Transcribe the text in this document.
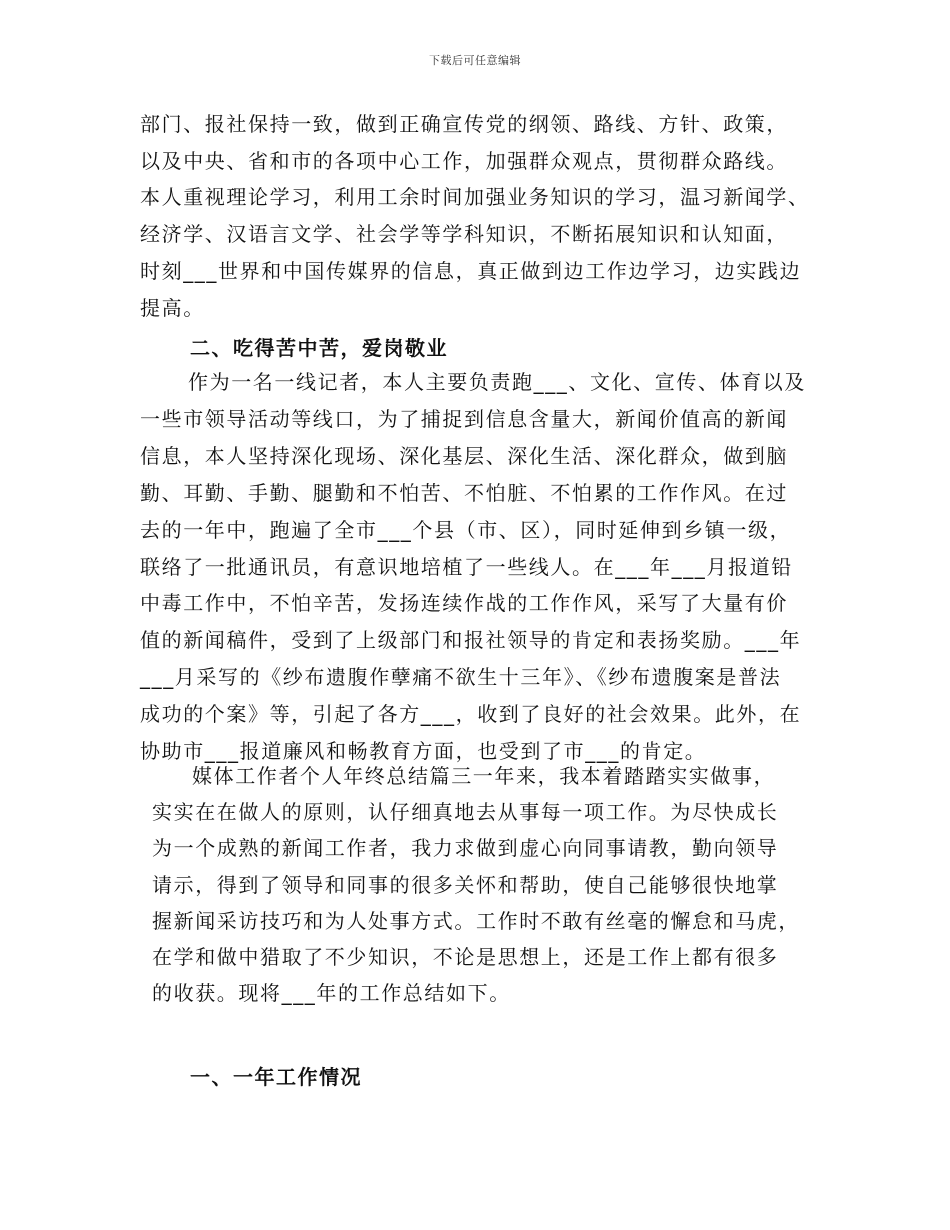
下载后可任意编辑
部门、报社保持一致，做到正确宣传党的纲领、路线、方针、政策，
以及中央、省和市的各项中心工作，加强群众观点，贯彻群众路线。
本人重视理论学习，利用工余时间加强业务知识的学习，温习新闻学、
经济学、汉语言文学、社会学等学科知识，不断拓展知识和认知面，
时刻___世界和中国传媒界的信息，真正做到边工作边学习，边实践边
提高。
二、吃得苦中苦，爱岗敬业
作为一名一线记者，本人主要负责跑___、文化、宣传、体育以及
一些市领导活动等线口，为了捕捉到信息含量大，新闻价值高的新闻
信息，本人坚持深化现场、深化基层、深化生活、深化群众，做到脑
勤、耳勤、手勤、腿勤和不怕苦、不怕脏、不怕累的工作作风。在过
去的一年中，跑遍了全市___个县（市、区），同时延伸到乡镇一级，
联络了一批通讯员，有意识地培植了一些线人。在___年___月报道铅
中毒工作中，不怕辛苦，发扬连续作战的工作作风，采写了大量有价
值的新闻稿件，受到了上级部门和报社领导的肯定和表扬奖励。___年
___月采写的《纱布遗腹作孽痛不欲生十三年》、《纱布遗腹案是普法
成功的个案》等，引起了各方___，收到了良好的社会效果。此外，在
协助市___报道廉风和畅教育方面，也受到了市___的肯定。
媒体工作者个人年终总结篇三一年来，我本着踏踏实实做事，
实实在在做人的原则，认仔细真地去从事每一项工作。为尽快成长
为一个成熟的新闻工作者，我力求做到虚心向同事请教，勤向领导
请示，得到了领导和同事的很多关怀和帮助，使自己能够很快地掌
握新闻采访技巧和为人处事方式。工作时不敢有丝毫的懈怠和马虎，
在学和做中猎取了不少知识，不论是思想上，还是工作上都有很多
的收获。现将___年的工作总结如下。
一、一年工作情况
